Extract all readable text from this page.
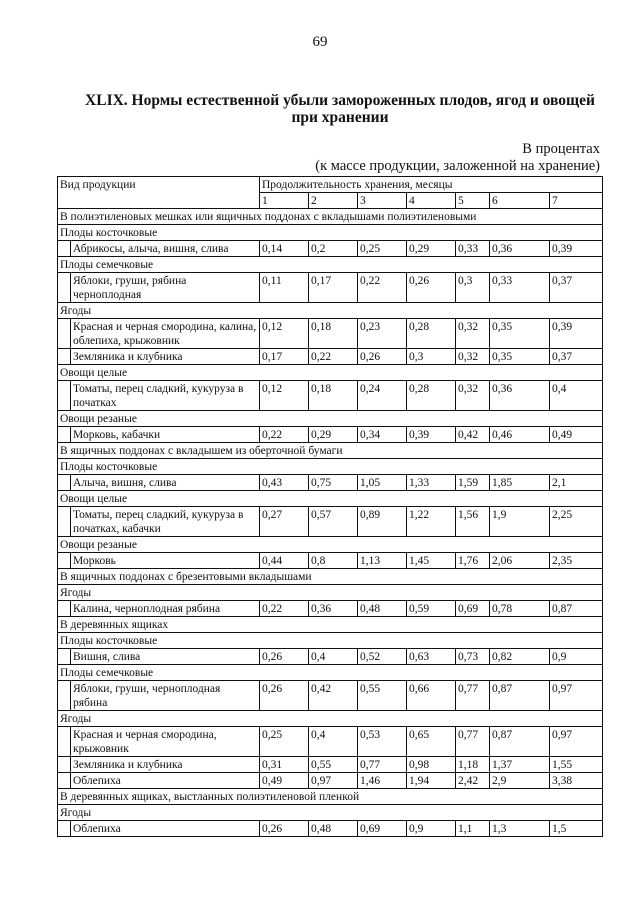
69
XLIX. Нормы естественной убыли замороженных плодов, ягод и овощей
при хранении
В процентах
(к массе продукции, заложенной на хранение)
Вид продукции		Продолжительность хранения, месяцы						
		1	2	3	4	5	6	7
В полиэтиленовых мешках или ящичных поддонах с вкладышами полиэтиленовыми								
Плоды косточковые								
	Абрикосы, алыча, вишня, слива	0,14	0,2	0,25	0,29	0,33	0,36	0,39
Плоды семечковые								
	Яблоки, груши, рябина черноплодная	0,11	0,17	0,22	0,26	0,3	0,33	0,37
Ягоды								
	Красная и черная смородина, калина, облепиха, крыжовник	0,12	0,18	0,23	0,28	0,32	0,35	0,39
	Земляника и клубника	0,17	0,22	0,26	0,3	0,32	0,35	0,37
Овощи целые								
	Томаты, перец сладкий, кукуруза в початках	0,12	0,18	0,24	0,28	0,32	0,36	0,4
Овощи резаные								
	Морковь, кабачки	0,22	0,29	0,34	0,39	0,42	0,46	0,49
В ящичных поддонах с вкладышем из оберточной бумаги								
Плоды косточковые								
	Алыча, вишня, слива	0,43	0,75	1,05	1,33	1,59	1,85	2,1
Овощи целые								
	Томаты, перец сладкий, кукуруза в початках, кабачки	0,27	0,57	0,89	1,22	1,56	1,9	2,25
Овощи резаные								
	Морковь	0,44	0,8	1,13	1,45	1,76	2,06	2,35
В ящичных поддонах с брезентовыми вкладышами								
Ягоды								
	Калина, черноплодная рябина	0,22	0,36	0,48	0,59	0,69	0,78	0,87
В деревянных ящиках								
Плоды косточковые								
	Вишня, слива	0,26	0,4	0,52	0,63	0,73	0,82	0,9
Плоды семечковые								
	Яблоки, груши, черноплодная рябина	0,26	0,42	0,55	0,66	0,77	0,87	0,97
Ягоды								
	Красная и черная смородина, крыжовник	0,25	0,4	0,53	0,65	0,77	0,87	0,97
	Земляника и клубника	0,31	0,55	0,77	0,98	1,18	1,37	1,55
	Облепиха	0,49	0,97	1,46	1,94	2,42	2,9	3,38
В деревянных ящиках, выстланных полиэтиленовой пленкой								
Ягоды								
	Облепиха	0,26	0,48	0,69	0,9	1,1	1,3	1,5
